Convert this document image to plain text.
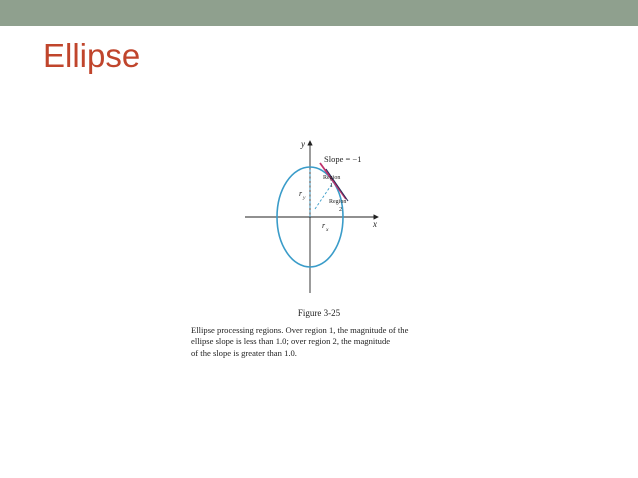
Ellipse
y
x
Slope = −1
Region
1
Region
2
r y
r x
Figure 3-25
Ellipse processing regions. Over region 1, the magnitude of the
ellipse slope is less than 1.0; over region 2, the magnitude
of the slope is greater than 1.0.
